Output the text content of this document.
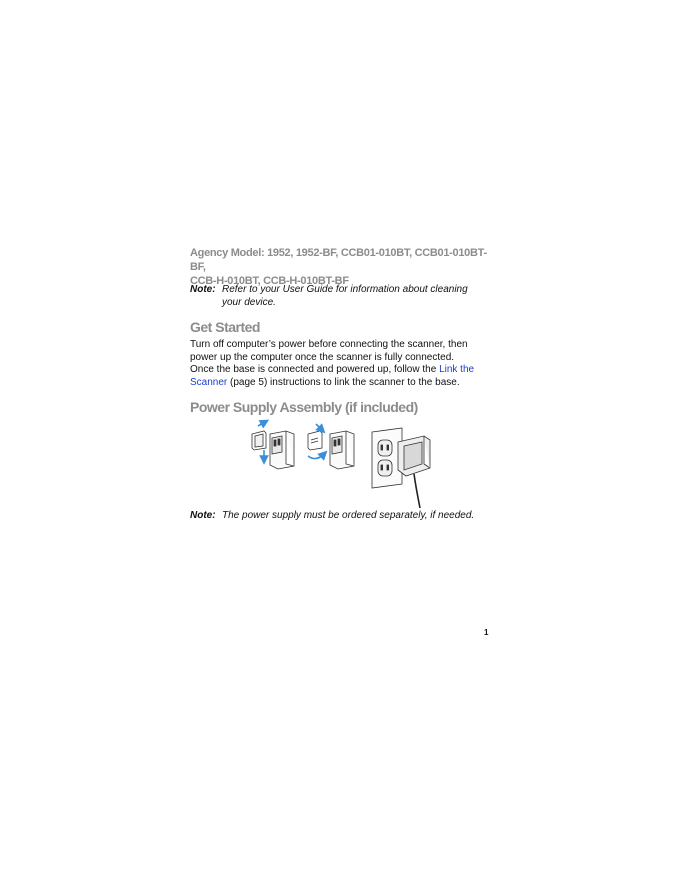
Agency Model: 1952, 1952-BF, CCB01-010BT, CCB01-010BT-BF,
CCB-H-010BT, CCB-H-010BT-BF
Note: Refer to your User Guide for information about cleaning
your device.
Get Started
Turn off computer’s power before connecting the scanner, then
power up the computer once the scanner is fully connected.
Once the base is connected and powered up, follow the Link the
Scanner (page 5) instructions to link the scanner to the base.
Power Supply Assembly (if included)
Note: The power supply must be ordered separately, if needed.
1
